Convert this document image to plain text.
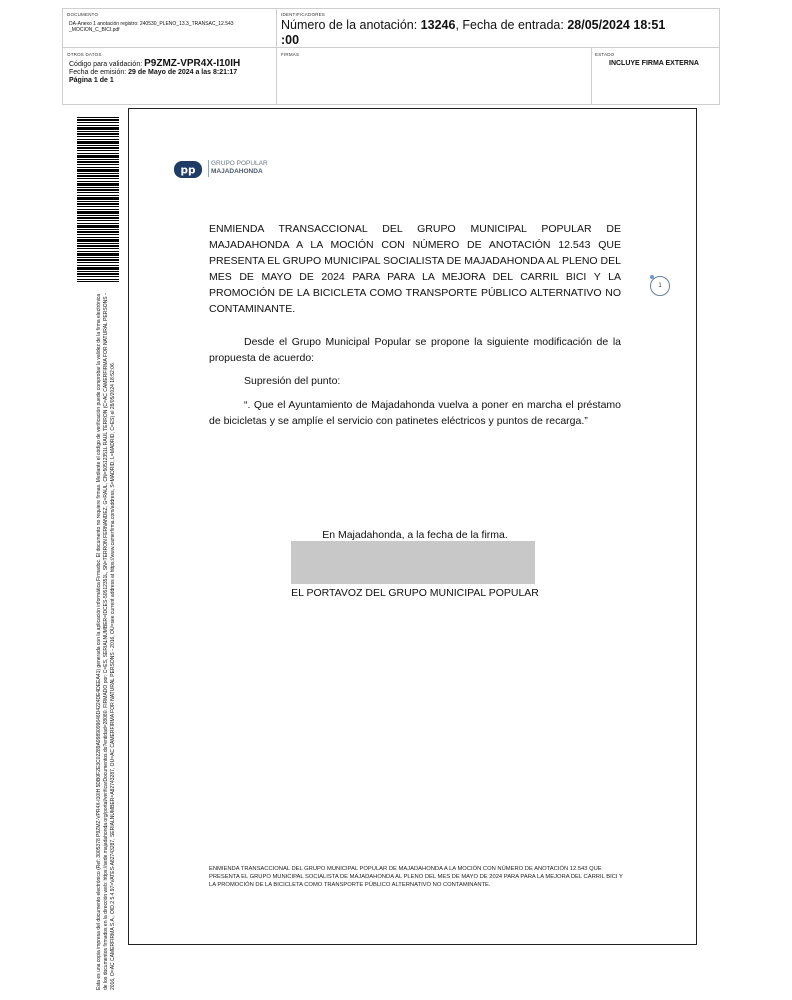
DOCUMENTO
DA-Anexo 1 anotación registro: 240530_PLENO_13.3_TRANSAC_12.543 _MOCION_C_BICI.pdf
IDENTIFICADORES
Número de la anotación: 13246, Fecha de entrada: 28/05/2024 18:51
:00
OTROS DATOS
Código para validación: P9ZMZ-VPR4X-I10IH
Fecha de emisión: 29 de Mayo de 2024 a las 8:21:17
Página 1 de 1
FIRMAS	ESTADO
INCLUYE FIRMA EXTERNA
Esta es una copia impresa del documento electrónico (Ref: 3005378 P9ZMZ-VPR4X-I10IH 5DB0F2E3C02289A9989099646D4224DE4DEEA41) generada con la aplicación informática Firmadoc. El documento no requiere firmas. Mediante el código de verificación puede comprobar la validez de la firma electrónica de los documentos firmados en la dirección web: https://sede.majadahonda.org/portal/verificarDocumentos.do?entidad=28080. FIRMADO por: C=ES, SERIALNUMBER=IDCES-50512351L, SN=TERRON FERNANDEZ, G=RAUL, CN=50512351L RAUL TERRON (C=AC CAMERFIRMA FOR NATURAL PERSONS - 2016, O=AC CAMERFIRMA S.A., OID.2.5.4.97=VATES-A82743287, SERIALNUMBER=A82743287, OU=AC CAMERFIRMA FOR NATURAL PERSONS - 2016, OU=see current address at https://www.camerfirma.com/address, S=MADRID, L=MADRID, C=ES) el 28/05/2024 18:52:06.
pp
GRUPO POPULAR
MAJADAHONDA
ENMIENDA TRANSACCIONAL DEL GRUPO MUNICIPAL POPULAR DE MAJADAHONDA A LA MOCIÓN CON NÚMERO DE ANOTACIÓN 12.543 QUE PRESENTA EL GRUPO MUNICIPAL SOCIALISTA DE MAJADAHONDA AL PLENO DEL MES DE MAYO DE 2024 PARA PARA LA MEJORA DEL CARRIL BICI Y LA PROMOCIÓN DE LA BICICLETA COMO TRANSPORTE PÚBLICO ALTERNATIVO NO CONTAMINANTE.
1
Desde el Grupo Municipal Popular se propone la siguiente modificación de la propuesta de acuerdo:
Supresión del punto:
“. Que el Ayuntamiento de Majadahonda vuelva a poner en marcha el préstamo de bicicletas y se amplíe el servicio con patinetes eléctricos y puntos de recarga.”
En Majadahonda, a la fecha de la firma.
EL PORTAVOZ DEL GRUPO MUNICIPAL POPULAR
ENMIENDA TRANSACCIONAL DEL GRUPO MUNICIPAL POPULAR DE MAJADAHONDA A LA MOCIÓN CON NÚMERO DE ANOTACIÓN 12.543 QUE PRESENTA EL GRUPO MUNICIPAL SOCIALISTA DE MAJADAHONDA AL PLENO DEL MES DE MAYO DE 2024 PARA PARA LA MEJORA DEL CARRIL BICI Y LA PROMOCIÓN DE LA BICICLETA COMO TRANSPORTE PÚBLICO ALTERNATIVO NO CONTAMINANTE.
